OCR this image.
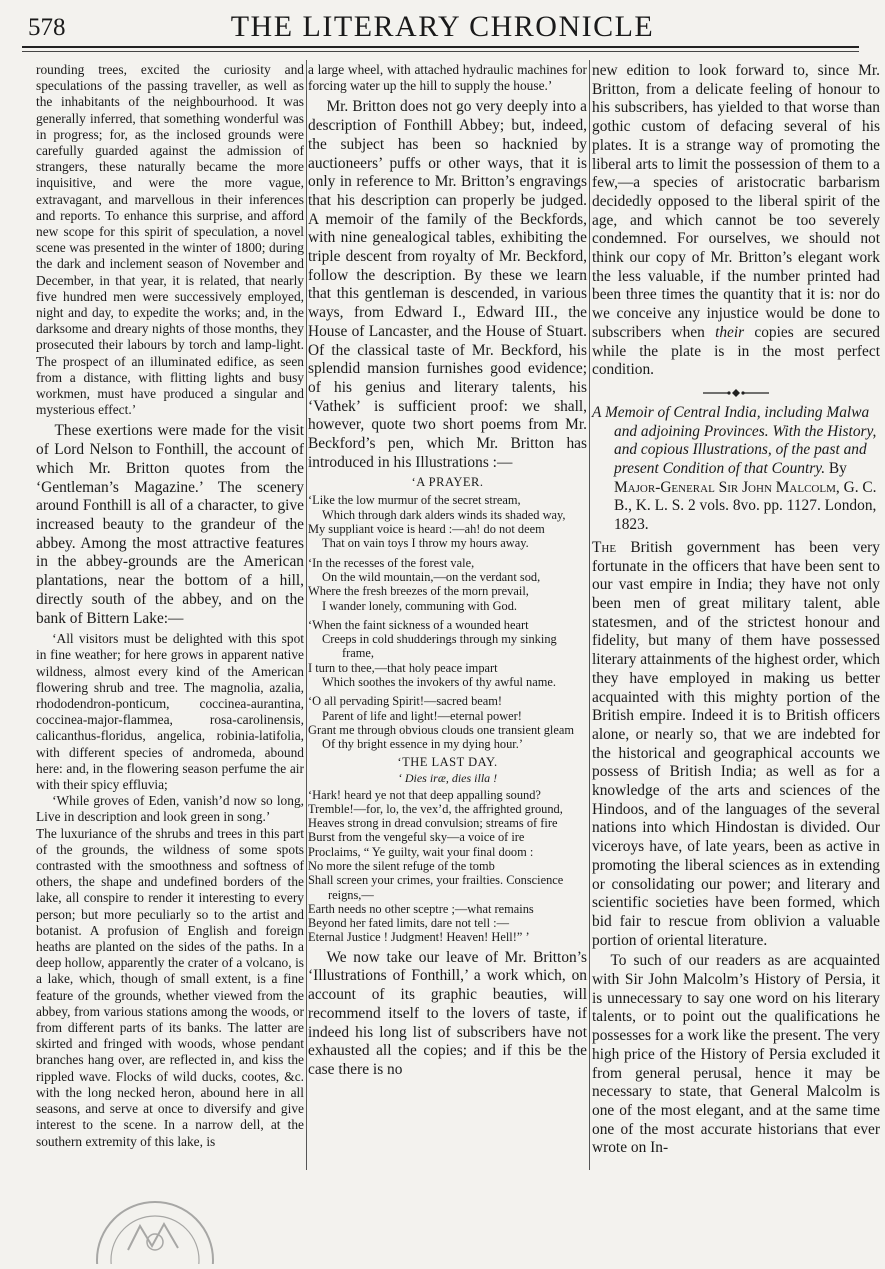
578	THE LITERARY CHRONICLE

rounding trees, excited the curiosity and speculations of the passing traveller, as well as the inhabitants of the neighbourhood. It was generally inferred, that something wonderful was in progress; for, as the inclosed grounds were carefully guarded against the admission of strangers, these naturally became the more inquisitive, and were the more vague, extravagant, and marvellous in their inferences and reports. To enhance this surprise, and afford new scope for this spirit of speculation, a novel scene was presented in the winter of 1800; during the dark and inclement season of November and December, in that year, it is related, that nearly five hundred men were successively employed, night and day, to expedite the works; and, in the darksome and dreary nights of those months, they prosecuted their labours by torch and lamp-light. The prospect of an illuminated edifice, as seen from a distance, with flitting lights and busy workmen, must have produced a singular and mysterious effect.’

These exertions were made for the visit of Lord Nelson to Fonthill, the account of which Mr. Britton quotes from the ‘Gentleman’s Magazine.’ The scenery around Fonthill is all of a character, to give increased beauty to the grandeur of the abbey. Among the most attractive features in the abbey-grounds are the American plantations, near the bottom of a hill, directly south of the abbey, and on the bank of Bittern Lake:—

‘All visitors must be delighted with this spot in fine weather; for here grows in apparent native wildness, almost every kind of the American flowering shrub and tree. The magnolia, azalia, rhododendron-ponticum, coccinea-aurantina, coccinea-major-flammea, rosa-carolinensis, calicanthus-floridus, angelica, robinia-latifolia, with different species of andromeda, abound here: and, in the flowering season perfume the air with their spicy effluvia;

‘While groves of Eden, vanish’d now so long, Live in description and look green in song.’

The luxuriance of the shrubs and trees in this part of the grounds, the wildness of some spots contrasted with the smoothness and softness of others, the shape and undefined borders of the lake, all conspire to render it interesting to every person; but more peculiarly so to the artist and botanist. A profusion of English and foreign heaths are planted on the sides of the paths. In a deep hollow, apparently the crater of a volcano, is a lake, which, though of small extent, is a fine feature of the grounds, whether viewed from the abbey, from various stations among the woods, or from different parts of its banks. The latter are skirted and fringed with woods, whose pendant branches hang over, are reflected in, and kiss the rippled wave. Flocks of wild ducks, cootes, &c. with the long necked heron, abound here in all seasons, and serve at once to diversify and give interest to the scene. In a narrow dell, at the southern extremity of this lake, is

a large wheel, with attached hydraulic machines for forcing water up the hill to supply the house.’

Mr. Britton does not go very deeply into a description of Fonthill Abbey; but, indeed, the subject has been so hacknied by auctioneers’ puffs or other ways, that it is only in reference to Mr. Britton’s engravings that his description can properly be judged. A memoir of the family of the Beckfords, with nine genealogical tables, exhibiting the triple descent from royalty of Mr. Beckford, follow the description. By these we learn that this gentleman is descended, in various ways, from Edward I., Edward III., the House of Lancaster, and the House of Stuart. Of the classical taste of Mr. Beckford, his splendid mansion furnishes good evidence; of his genius and literary talents, his ‘Vathek’ is sufficient proof: we shall, however, quote two short poems from Mr. Beckford’s pen, which Mr. Britton has introduced in his Illustrations :—

‘A PRAYER.
‘Like the low murmur of the secret stream,
Which through dark alders winds its shaded way,
My suppliant voice is heard :—ah! do not deem
That on vain toys I throw my hours away.
‘In the recesses of the forest vale,
On the wild mountain,—on the verdant sod,
Where the fresh breezes of the morn prevail,
I wander lonely, communing with God.
‘When the faint sickness of a wounded heart
Creeps in cold shudderings through my sinking frame,
I turn to thee,—that holy peace impart
Which soothes the invokers of thy awful name.
‘O all pervading Spirit!—sacred beam!
Parent of life and light!—eternal power!
Grant me through obvious clouds one transient gleam
Of thy bright essence in my dying hour.’
‘THE LAST DAY.
‘ Dies iræ, dies illa !
‘Hark! heard ye not that deep appalling sound?
Tremble!—for, lo, the vex’d, the affrighted ground,
Heaves strong in dread convulsion; streams of fire
Burst from the vengeful sky—a voice of ire
Proclaims, “ Ye guilty, wait your final doom :
No more the silent refuge of the tomb
Shall screen your crimes, your frailties. Conscience reigns,—
Earth needs no other sceptre ;—what remains
Beyond her fated limits, dare not tell :—
Eternal Justice ! Judgment! Heaven! Hell!” ’

We now take our leave of Mr. Britton’s ‘Illustrations of Fonthill,’ a work which, on account of its graphic beauties, will recommend itself to the lovers of taste, if indeed his long list of subscribers have not exhausted all the copies; and if this be the case there is no

new edition to look forward to, since Mr. Britton, from a delicate feeling of honour to his subscribers, has yielded to that worse than gothic custom of defacing several of his plates. It is a strange way of promoting the liberal arts to limit the possession of them to a few,—a species of aristocratic barbarism decidedly opposed to the liberal spirit of the age, and which cannot be too severely condemned. For ourselves, we should not think our copy of Mr. Britton’s elegant work the less valuable, if the number printed had been three times the quantity that it is: nor do we conceive any injustice would be done to subscribers when their copies are secured while the plate is in the most perfect condition.

A Memoir of Central India, including Malwa and adjoining Provinces. With the History, and copious Illustrations, of the past and present Condition of that Country. By Major-General Sir John Malcolm, G. C. B., K. L. S. 2 vols. 8vo. pp. 1127. London, 1823.

The British government has been very fortunate in the officers that have been sent to our vast empire in India; they have not only been men of great military talent, able statesmen, and of the strictest honour and fidelity, but many of them have possessed literary attainments of the highest order, which they have employed in making us better acquainted with this mighty portion of the British empire. Indeed it is to British officers alone, or nearly so, that we are indebted for the historical and geographical accounts we possess of British India; as well as for a knowledge of the arts and sciences of the Hindoos, and of the languages of the several nations into which Hindostan is divided. Our viceroys have, of late years, been as active in promoting the liberal sciences as in extending or consolidating our power; and literary and scientific societies have been formed, which bid fair to rescue from oblivion a valuable portion of oriental literature.

To such of our readers as are acquainted with Sir John Malcolm’s History of Persia, it is unnecessary to say one word on his literary talents, or to point out the qualifications he possesses for a work like the present. The very high price of the History of Persia excluded it from general perusal, hence it may be necessary to state, that General Malcolm is one of the most elegant, and at the same time one of the most accurate historians that ever wrote on In-
